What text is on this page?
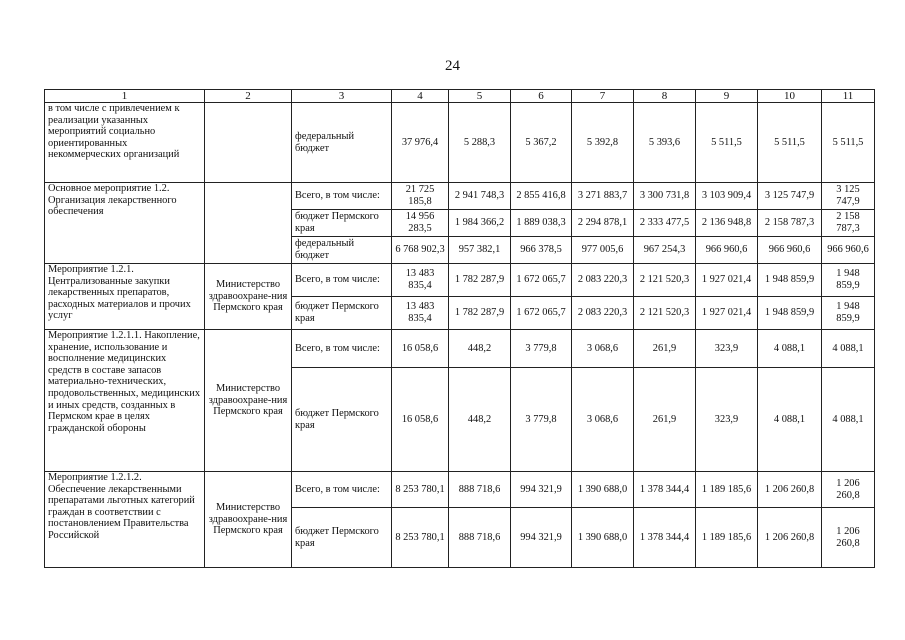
24
1	2	3	4	5	6	7	8	9	10	11
в том числе с привлечением к реализации указанных мероприятий социально ориентированных некоммерческих организаций		федеральный бюджет	37 976,4	5 288,3	5 367,2	5 392,8	5 393,6	5 511,5	5 511,5	5 511,5
Основное мероприятие 1.2. Организация лекарственного обеспечения		Всего, в том числе:	21 725 185,8	2 941 748,3	2 855 416,8	3 271 883,7	3 300 731,8	3 103 909,4	3 125 747,9	3 125 747,9
		бюджет Пермского края	14 956 283,5	1 984 366,2	1 889 038,3	2 294 878,1	2 333 477,5	2 136 948,8	2 158 787,3	2 158 787,3
		федеральный бюджет	6 768 902,3	957 382,1	966 378,5	977 005,6	967 254,3	966 960,6	966 960,6	966 960,6
Мероприятие 1.2.1. Централизованные закупки лекарственных препаратов, расходных материалов и прочих услуг	Министерство здравоохране-ния Пермского края	Всего, в том числе:	13 483 835,4	1 782 287,9	1 672 065,7	2 083 220,3	2 121 520,3	1 927 021,4	1 948 859,9	1 948 859,9
		бюджет Пермского края	13 483 835,4	1 782 287,9	1 672 065,7	2 083 220,3	2 121 520,3	1 927 021,4	1 948 859,9	1 948 859,9
Мероприятие 1.2.1.1. Накопление, хранение, использование и восполнение медицинских средств в составе запасов материально-технических, продовольственных, медицинских и иных средств, созданных в Пермском крае в целях гражданской обороны	Министерство здравоохране-ния Пермского края	Всего, в том числе:	16 058,6	448,2	3 779,8	3 068,6	261,9	323,9	4 088,1	4 088,1
		бюджет Пермского края	16 058,6	448,2	3 779,8	3 068,6	261,9	323,9	4 088,1	4 088,1
Мероприятие 1.2.1.2. Обеспечение лекарственными препаратами льготных категорий граждан в соответствии с постановлением Правительства Российской	Министерство здравоохране-ния Пермского края	Всего, в том числе:	8 253 780,1	888 718,6	994 321,9	1 390 688,0	1 378 344,4	1 189 185,6	1 206 260,8	1 206 260,8
		бюджет Пермского края	8 253 780,1	888 718,6	994 321,9	1 390 688,0	1 378 344,4	1 189 185,6	1 206 260,8	1 206 260,8
